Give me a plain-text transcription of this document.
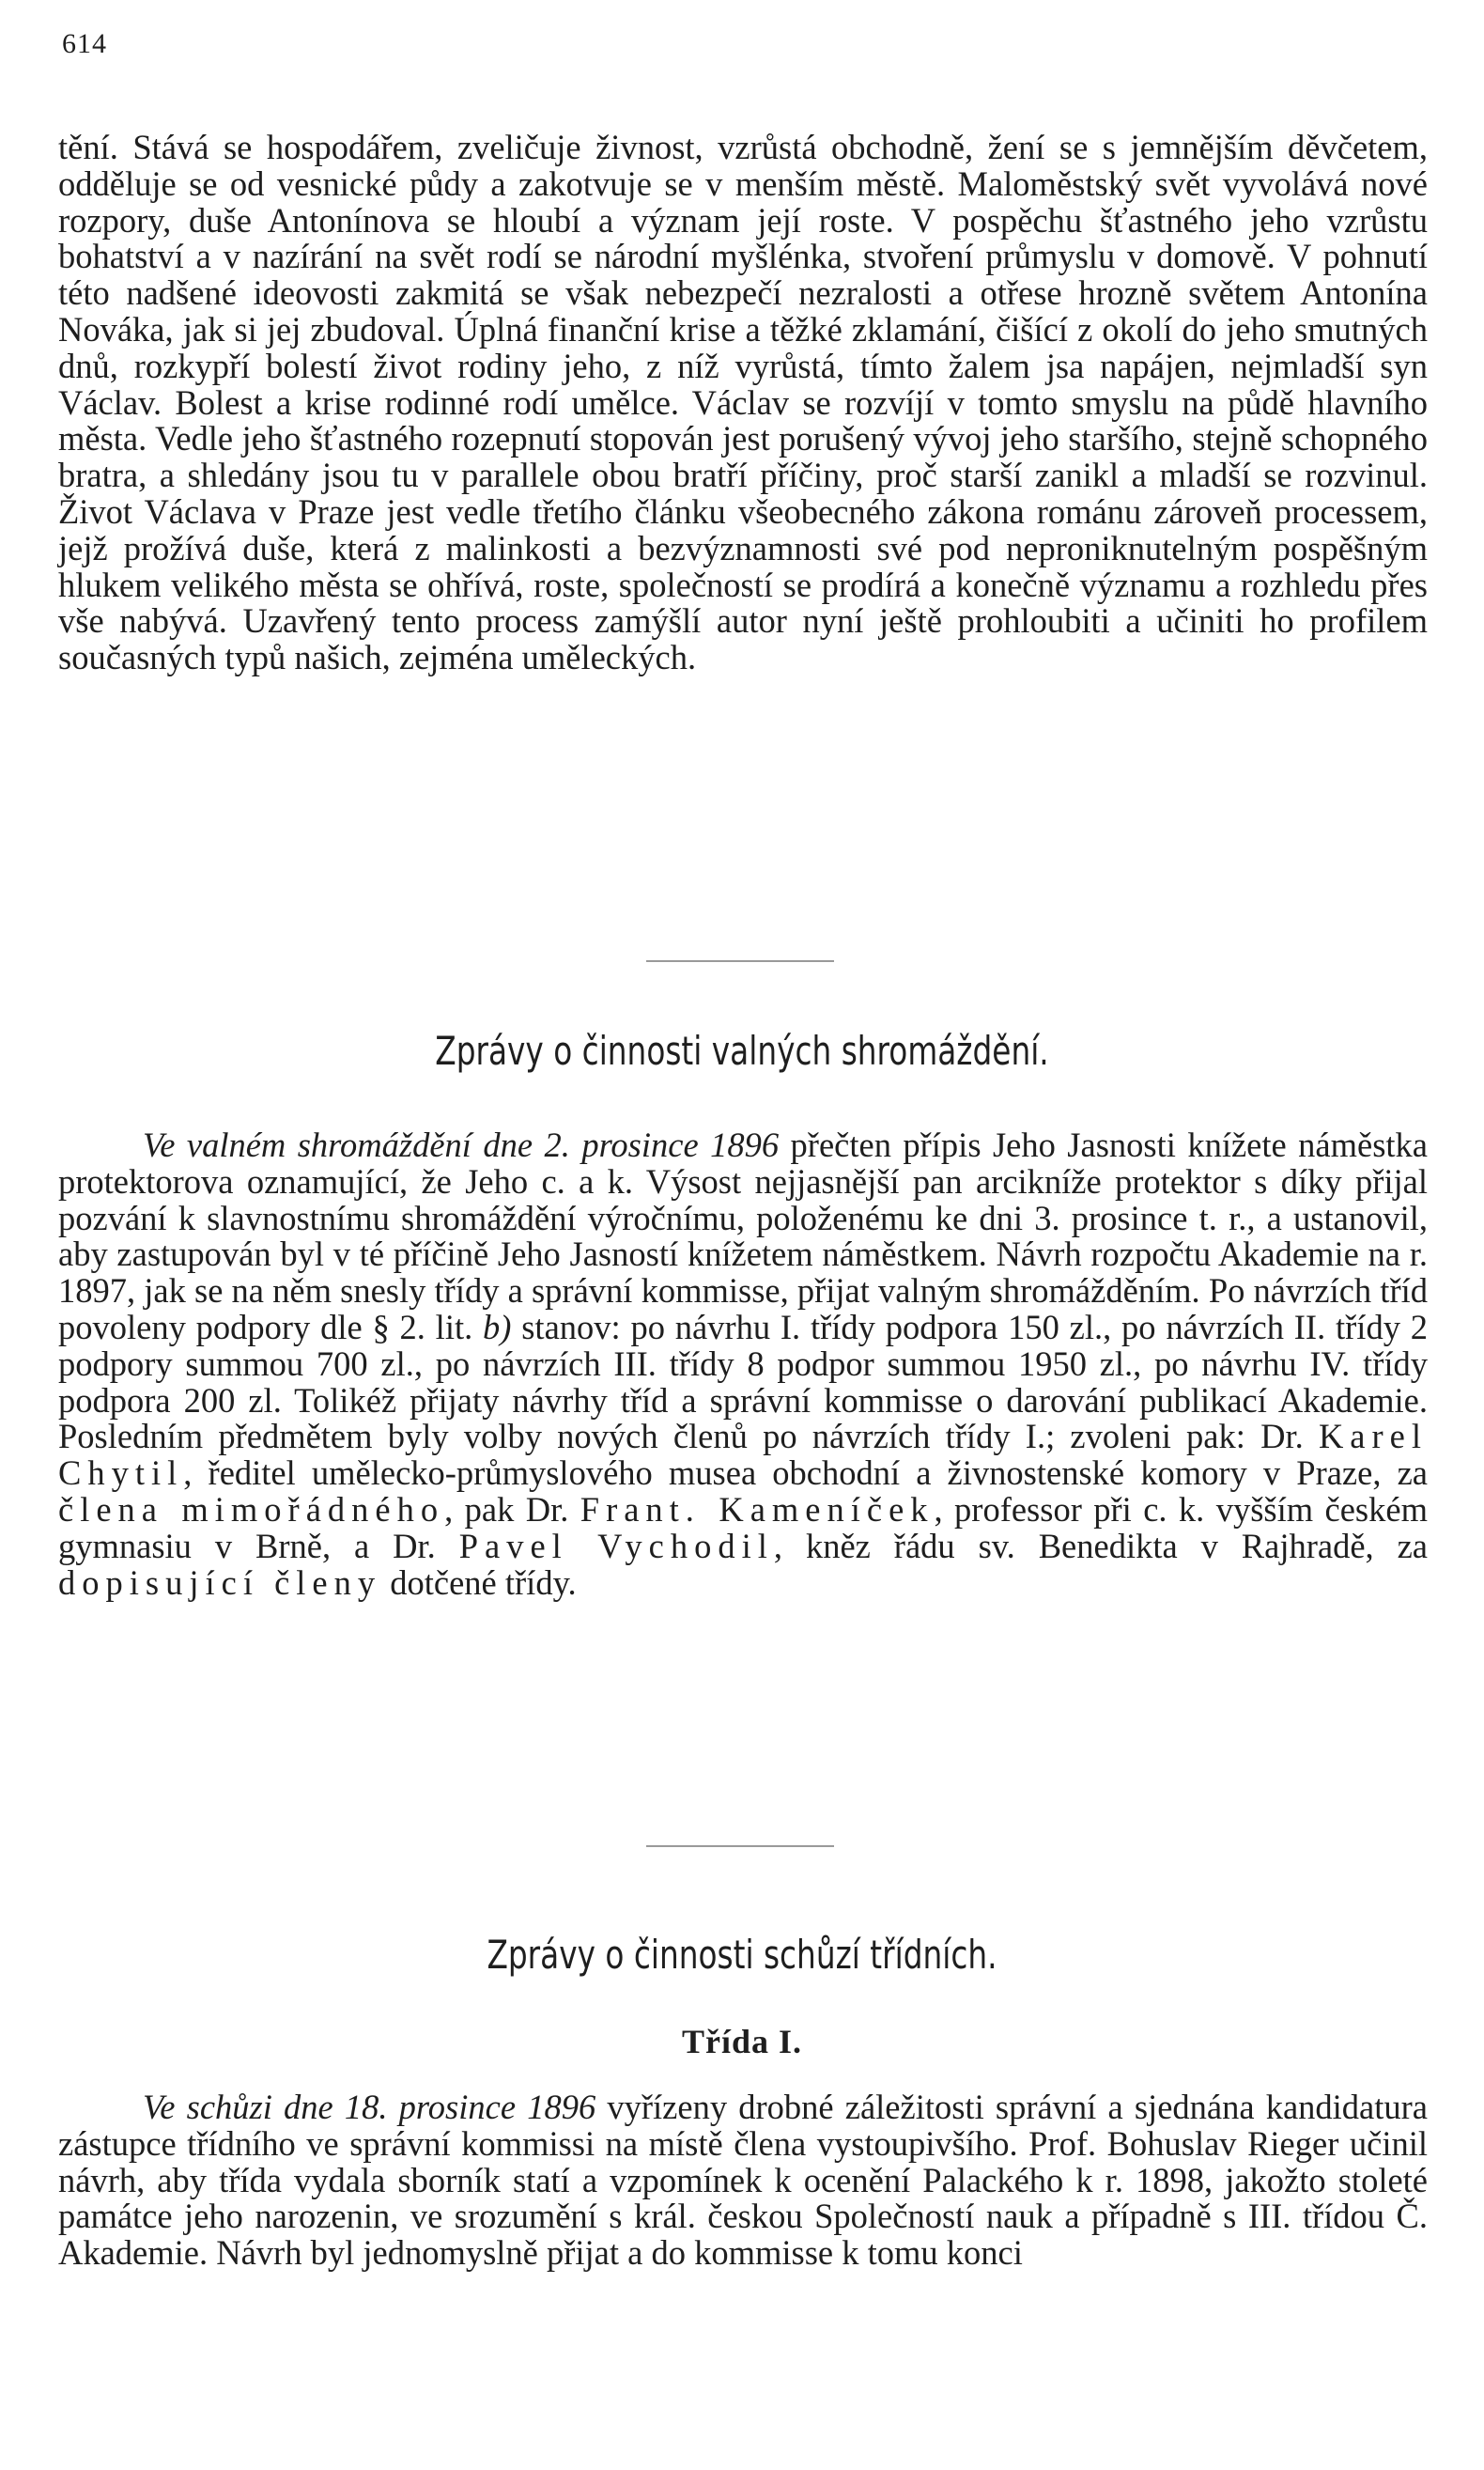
614

tění. Stává se hospodářem, zveličuje živnost, vzrůstá obchodně, žení se s jemnějším děvčetem, odděluje se od vesnické půdy a zakotvuje se v menším městě. Maloměstský svět vyvolává nové rozpory, duše Antonínova se hloubí a význam její roste. V pospěchu šťastného jeho vzrůstu bohatství a v nazírání na svět rodí se národní myšlénka, stvoření průmyslu v domově. V pohnutí této nadšené ideovosti zakmitá se však nebezpečí nezralosti a otřese hrozně světem Antonína Nováka, jak si jej zbudoval. Úplná finanční krise a těžké zklamání, čišící z okolí do jeho smutných dnů, rozkypří bolestí život rodiny jeho, z níž vyrůstá, tímto žalem jsa napájen, nejmladší syn Václav. Bolest a krise rodinné rodí umělce. Václav se rozvíjí v tomto smyslu na půdě hlavního města. Vedle jeho šťastného rozepnutí stopován jest porušený vývoj jeho staršího, stejně schopného bratra, a shledány jsou tu v parallele obou bratří příčiny, proč starší zanikl a mladší se rozvinul. Život Václava v Praze jest vedle třetího článku všeobecného zákona románu zároveň processem, jejž prožívá duše, která z malinkosti a bezvýznamnosti své pod neproniknutelným pospěšným hlukem velikého města se ohřívá, roste, společností se prodírá a konečně významu a rozhledu přes vše nabývá. Uzavřený tento process zamýšlí autor nyní ještě prohloubiti a učiniti ho profilem současných typů našich, zejména uměleckých.

Zprávy o činnosti valných shromáždění.

Ve valném shromáždění dne 2. prosince 1896 přečten přípis Jeho Jasnosti knížete náměstka protektorova oznamující, že Jeho c. a k. Výsost nejjasnější pan arcikníže protektor s díky přijal pozvání k slavnostnímu shromáždění výročnímu, položenému ke dni 3. prosince t. r., a ustanovil, aby zastupován byl v té příčině Jeho Jasností knížetem náměstkem. Návrh rozpočtu Akademie na r. 1897, jak se na něm snesly třídy a správní kommisse, přijat valným shromážděním. Po návrzích tříd povoleny podpory dle § 2. lit. b) stanov: po návrhu I. třídy podpora 150 zl., po návrzích II. třídy 2 podpory summou 700 zl., po návrzích III. třídy 8 podpor summou 1950 zl., po návrhu IV. třídy podpora 200 zl. Tolikéž přijaty návrhy tříd a správní kommisse o darování publikací Akademie. Posledním předmětem byly volby nových členů po návrzích třídy I.; zvoleni pak: Dr. Karel Chytil, ředitel umělecko-průmyslového musea obchodní a živnostenské komory v Praze, za člena mimořádného, pak Dr. Frant. Kameníček, professor při c. k. vyšším českém gymnasiu v Brně, a Dr. Pavel Vychodil, kněz řádu sv. Benedikta v Rajhradě, za dopisující členy dotčené třídy.

Zprávy o činnosti schůzí třídních.
Třída I.

Ve schůzi dne 18. prosince 1896 vyřízeny drobné záležitosti správní a sjednána kandidatura zástupce třídního ve správní kommissi na místě člena vystoupivšího. Prof. Bohuslav Rieger učinil návrh, aby třída vydala sborník statí a vzpomínek k ocenění Palackého k r. 1898, jakožto stoleté památce jeho narozenin, ve srozumění s král. českou Společností nauk a případně s III. třídou Č. Akademie. Návrh byl jednomyslně přijat a do kommisse k tomu konci
